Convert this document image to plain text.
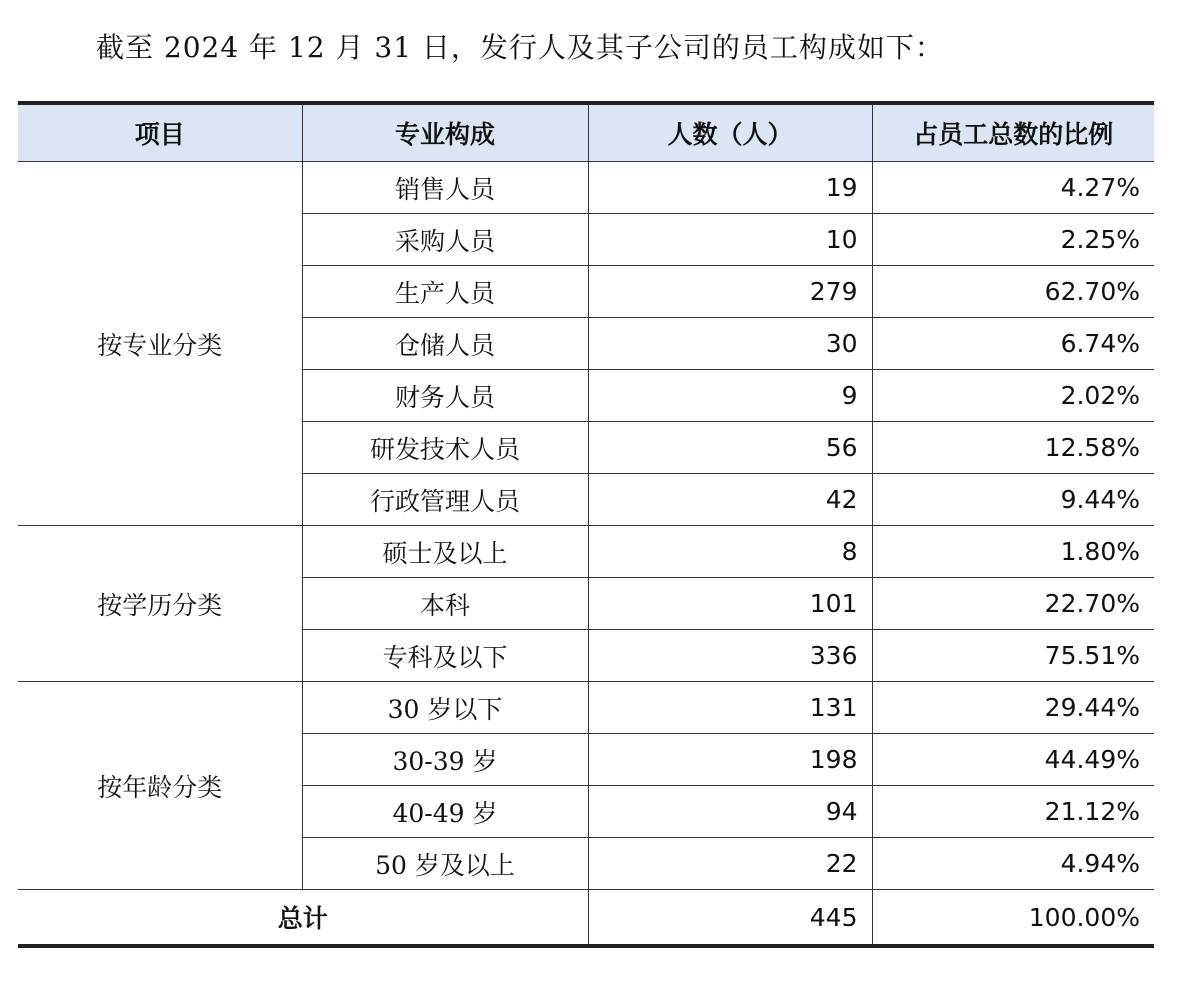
截至 2024 年 12 月 31 日，发行人及其子公司的员工构成如下：
项目	专业构成	人数（人）	占员工总数的比例
按专业分类	销售人员	19	4.27%
	采购人员	10	2.25%
	生产人员	279	62.70%
	仓储人员	30	6.74%
	财务人员	9	2.02%
	研发技术人员	56	12.58%
	行政管理人员	42	9.44%
按学历分类	硕士及以上	8	1.80%
	本科	101	22.70%
	专科及以下	336	75.51%
按年龄分类	30 岁以下	131	29.44%
	30-39 岁	198	44.49%
	40-49 岁	94	21.12%
	50 岁及以上	22	4.94%
总计		445	100.00%
